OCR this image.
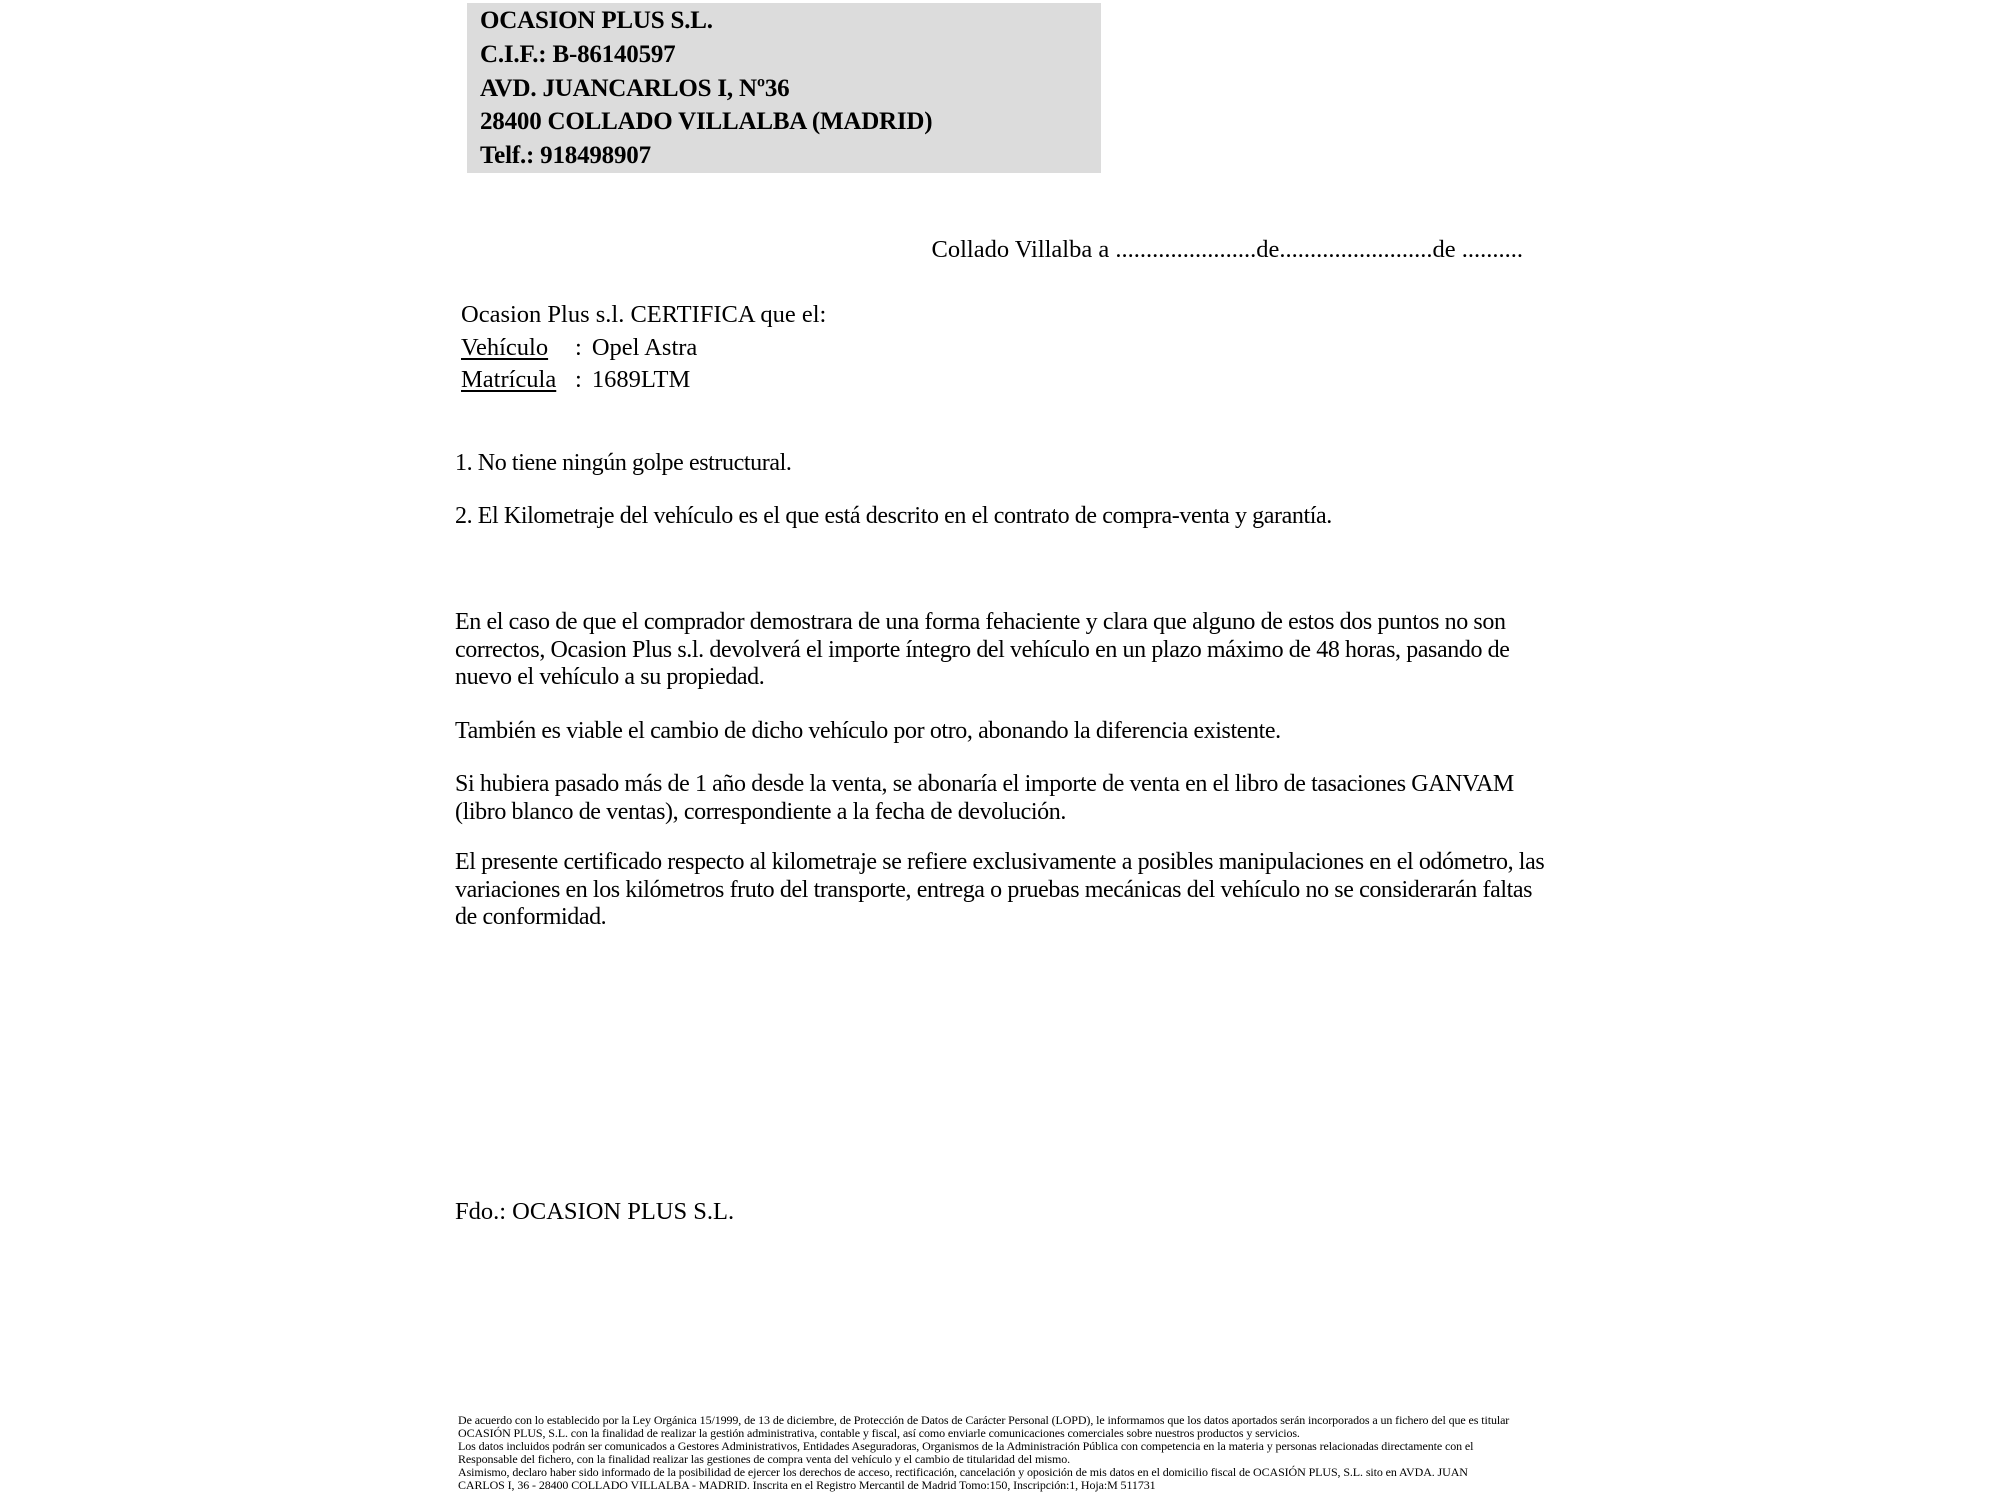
OCASION PLUS S.L.
C.I.F.: B-86140597
AVD. JUANCARLOS I, Nº36
28400 COLLADO VILLALBA (MADRID)
Telf.: 918498907
Collado Villalba a .......................de.........................de ..........
Ocasion Plus s.l. CERTIFICA que el:
Vehículo : Opel Astra
Matrícula : 1689LTM
1. No tiene ningún golpe estructural.
2. El Kilometraje del vehículo es el que está descrito en el contrato de compra-venta y garantía.
En el caso de que el comprador demostrara de una forma fehaciente y clara que alguno de estos dos puntos no son correctos, Ocasion Plus s.l. devolverá el importe íntegro del vehículo en un plazo máximo de 48 horas, pasando de nuevo el vehículo a su propiedad.
También es viable el cambio de dicho vehículo por otro, abonando la diferencia existente.
Si hubiera pasado más de 1 año desde la venta, se abonaría el importe de venta en el libro de tasaciones GANVAM (libro blanco de ventas), correspondiente a la fecha de devolución.
El presente certificado respecto al kilometraje se refiere exclusivamente a posibles manipulaciones en el odómetro, las variaciones en los kilómetros fruto del transporte, entrega o pruebas mecánicas del vehículo no se considerarán faltas de conformidad.
Fdo.: OCASION PLUS S.L.
De acuerdo con lo establecido por la Ley Orgánica 15/1999, de 13 de diciembre, de Protección de Datos de Carácter Personal (LOPD), le informamos que los datos aportados serán incorporados a un fichero del que es titular
OCASIÓN PLUS, S.L. con la finalidad de realizar la gestión administrativa, contable y fiscal, así como enviarle comunicaciones comerciales sobre nuestros productos y servicios.
Los datos incluidos podrán ser comunicados a Gestores Administrativos, Entidades Aseguradoras, Organismos de la Administración Pública con competencia en la materia y personas relacionadas directamente con el
Responsable del fichero, con la finalidad realizar las gestiones de compra venta del vehículo y el cambio de titularidad del mismo.
Asimismo, declaro haber sido informado de la posibilidad de ejercer los derechos de acceso, rectificación, cancelación y oposición de mis datos en el domicilio fiscal de OCASIÓN PLUS, S.L. sito en AVDA. JUAN
CARLOS I, 36 - 28400 COLLADO VILLALBA - MADRID. Inscrita en el Registro Mercantil de Madrid Tomo:150, Inscripción:1, Hoja:M 511731
